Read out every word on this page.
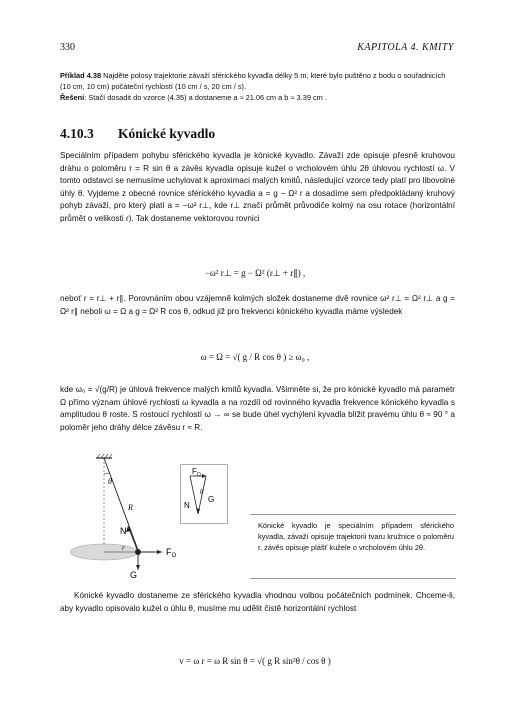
330	KAPITOLA 4. KMITY
Příklad 4.38 Najděte polosy trajektorie závaží sférického kyvadla délky 5 m, které bylo puštěno z bodu o souřadnicích (10 cm, 10 cm) počáteční rychlostí (10 cm / s, 20 cm / s).
Řešení: Stačí dosadit do vzorce (4.35) a dostaneme a ≈ 21.06 cm a b ≈ 3.39 cm .
4.10.3 Kónické kyvadlo
Speciálním případem pohybu sférického kyvadla je kónické kyvadlo. Závaží zde opisuje přesně kruhovou dráhu o poloměru r = R sin θ a závěs kyvadla opisuje kužel o vrcholovém úhlu 2θ úhlovou rychlostí ω. V tomto odstavci se nemusíme uchylovat k aproximaci malých kmitů, následující vzorce tedy platí pro libovolné úhly θ. Vyjdeme z obecné rovnice sférického kyvadla a = g − Ω² r a dosadíme sem předpokládaný kruhový pohyb závaží, pro který platí a = −ω² r⊥, kde r⊥ značí průmět průvodiče kolmý na osu rotace (horizontální průmět o velikosti r). Tak dostaneme vektorovou rovnici
−ω² r⊥ = g − Ω² (r⊥ + r∥) ,
neboť r = r⊥ + r∥. Porovnáním obou vzájemně kolmých složek dostaneme dvě rovnice ω² r⊥ = Ω² r⊥ a g = Ω² r∥ neboli ω = Ω a g = Ω² R cos θ, odkud již pro frekvenci kónického kyvadla máme výsledek
ω = Ω = √( g / R cos θ ) ≥ ω₀ ,
kde ω₀ = √(g/R) je úhlová frekvence malých kmitů kyvadla. Všimněte si, že pro kónické kyvadlo má parametr Ω přímo význam úhlové rychlosti ω kyvadla a na rozdíl od rovinného kyvadla frekvence kónického kyvadla s amplitudou θ roste. S rostoucí rychlostí ω → ∞ se bude úhel vychýlení kyvadla blížit pravému úhlu θ ≈ 90 ° a poloměr jeho dráhy délce závěsu r ≈ R.
θ
R
N
$F_O$
G
r
$F_O$
θ
N
G
Kónické kyvadlo je speciálním případem sférického kyvadla, závaží opisuje trajektorii tvaru kružnice o poloměru r, závěs opisuje plášť kužele o vrcholovém úhlu 2θ.
Kónické kyvadlo dostaneme ze sférického kyvadla vhodnou volbou počátečních podmínek. Chceme-li, aby kyvadlo opisovalo kužel o úhlu θ, musíme mu udělit čistě horizontální rychlost
v = ω r = ω R sin θ = √( g R sin²θ / cos θ )
